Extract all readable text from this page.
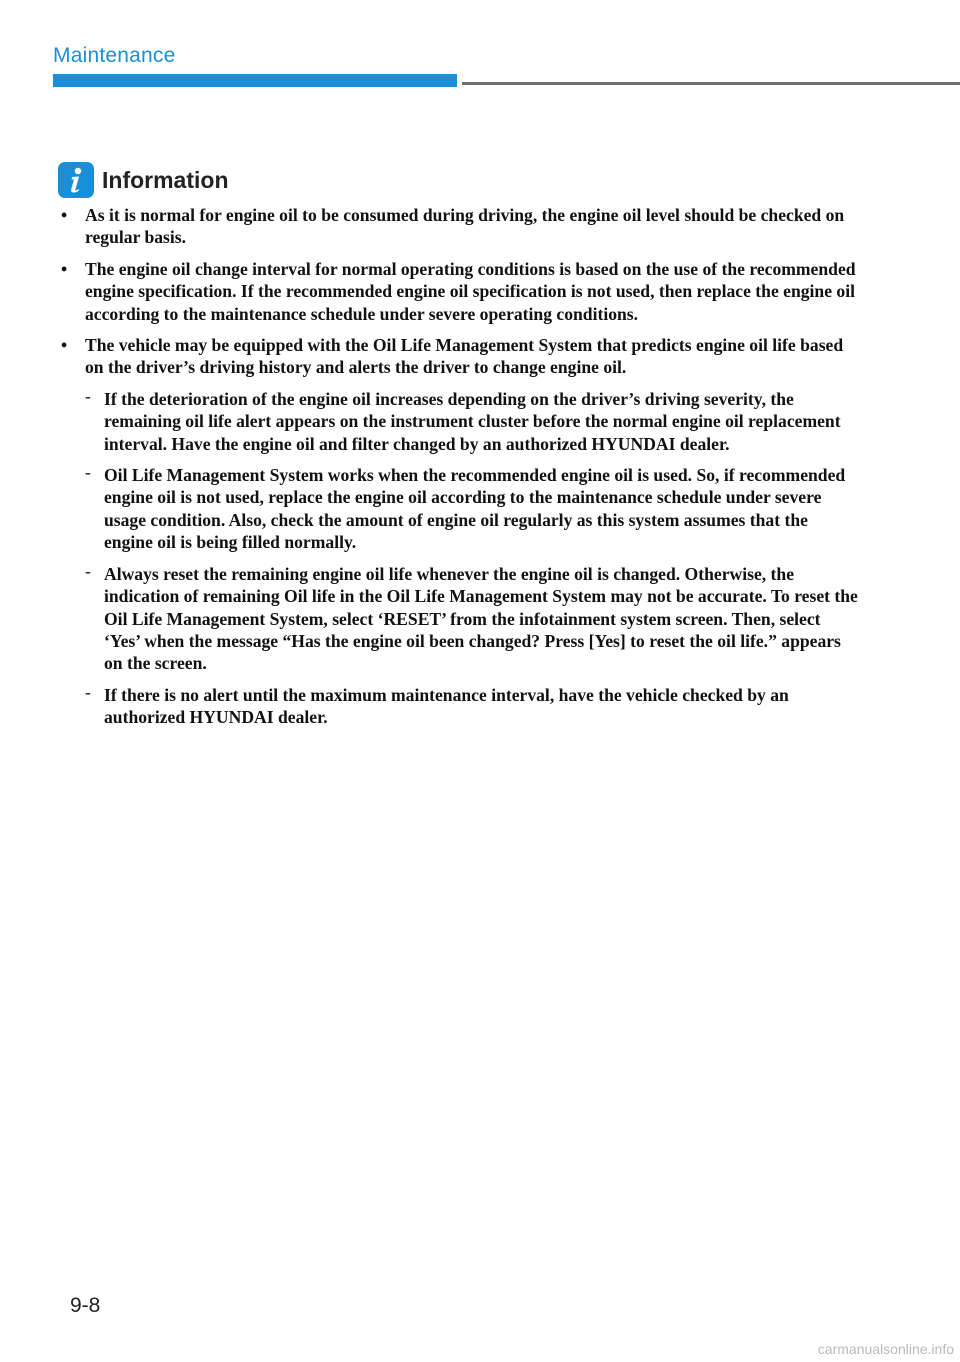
Maintenance
Information
• As it is normal for engine oil to be consumed during driving, the engine oil level should be checked on regular basis.
• The engine oil change interval for normal operating conditions is based on the use of the recommended engine specification. If the recommended engine oil specification is not used, then replace the engine oil according to the maintenance schedule under severe operating conditions.
• The vehicle may be equipped with the Oil Life Management System that predicts engine oil life based on the driver’s driving history and alerts the driver to change engine oil.
- If the deterioration of the engine oil increases depending on the driver’s driving severity, the remaining oil life alert appears on the instrument cluster before the normal engine oil replacement interval. Have the engine oil and filter changed by an authorized HYUNDAI dealer.
- Oil Life Management System works when the recommended engine oil is used. So, if recommended engine oil is not used, replace the engine oil according to the maintenance schedule under severe usage condition. Also, check the amount of engine oil regularly as this system assumes that the engine oil is being filled normally.
- Always reset the remaining engine oil life whenever the engine oil is changed. Otherwise, the indication of remaining Oil life in the Oil Life Management System may not be accurate. To reset the Oil Life Management System, select ‘RESET’ from the infotainment system screen. Then, select ‘Yes’ when the message “Has the engine oil been changed? Press [Yes] to reset the oil life.” appears on the screen.
- If there is no alert until the maximum maintenance interval, have the vehicle checked by an authorized HYUNDAI dealer.
9-8
carmanualsonline.info
